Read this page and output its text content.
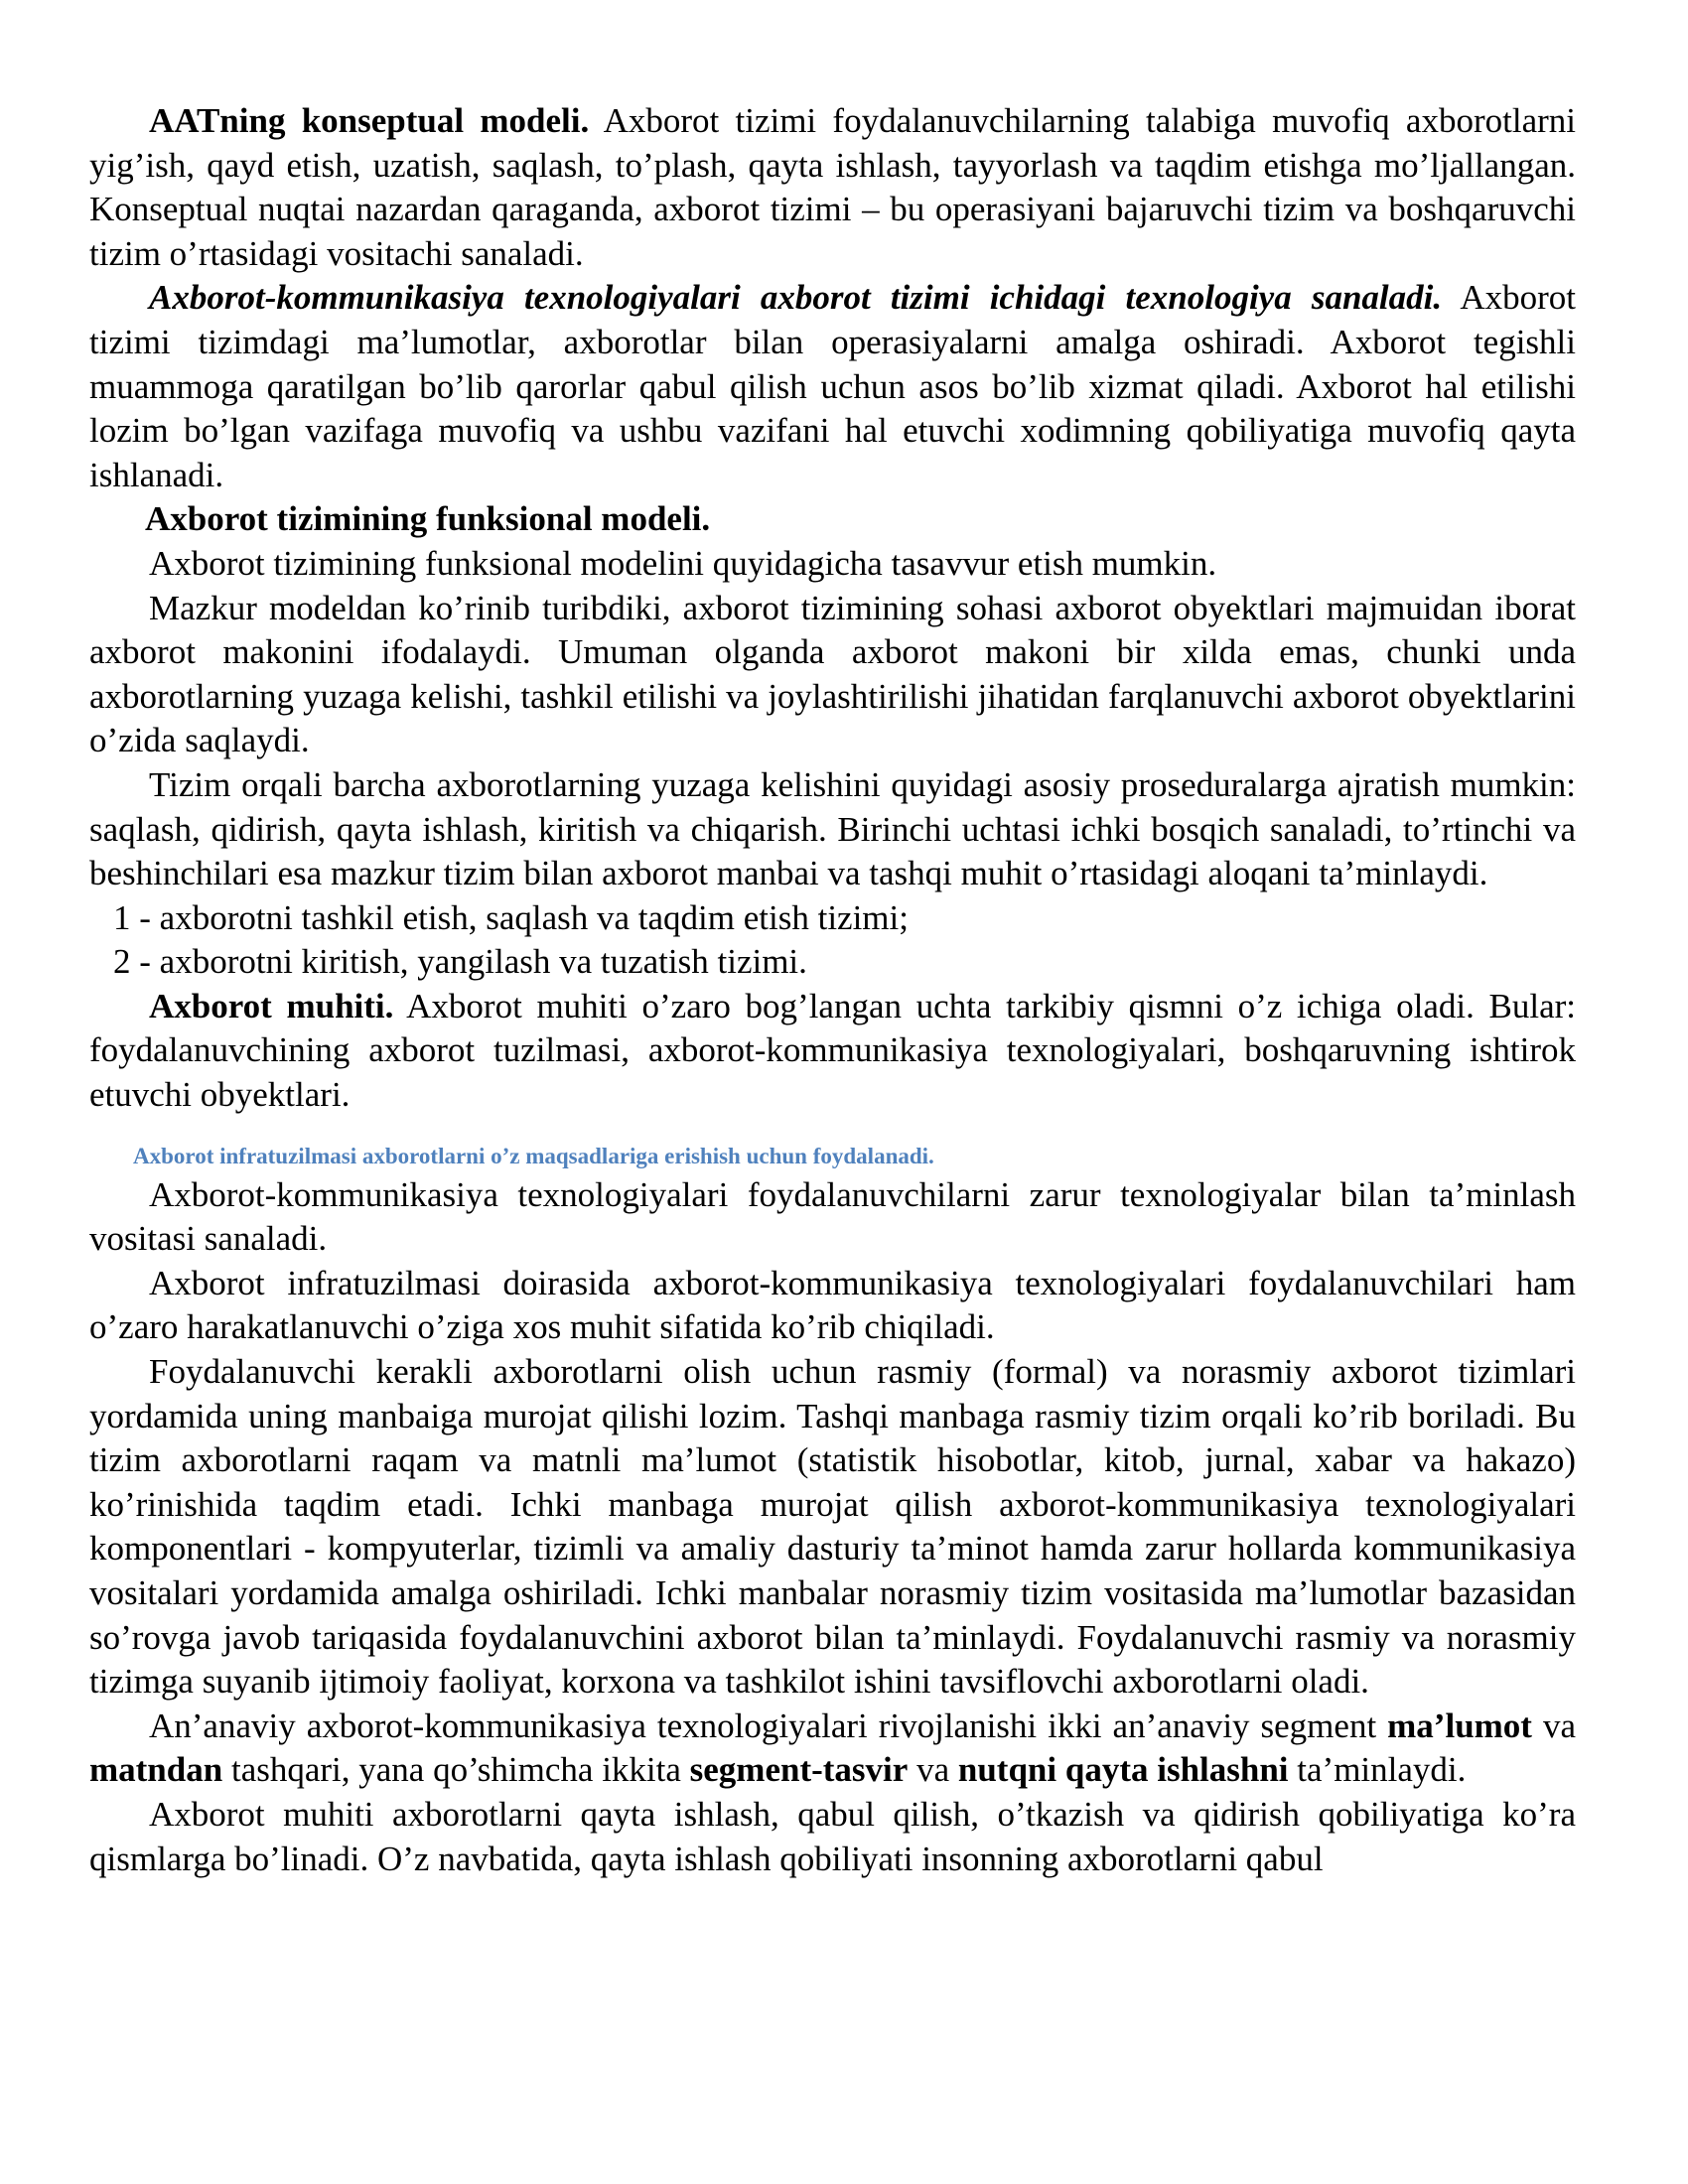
AATning konseptual modeli. Axborot tizimi foydalanuvchilarning talabiga muvofiq axborotlarni yig’ish, qayd etish, uzatish, saqlash, to’plash, qayta ishlash, tayyorlash va taqdim etishga mo’ljallangan. Konseptual nuqtai nazardan qaraganda, axborot tizimi – bu operasiyani bajaruvchi tizim va boshqaruvchi tizim o’rtasidagi vositachi sanaladi.

Axborot-kommunikasiya texnologiyalari axborot tizimi ichidagi texnologiya sanaladi. Axborot tizimi tizimdagi ma’lumotlar, axborotlar bilan operasiyalarni amalga oshiradi. Axborot tegishli muammoga qaratilgan bo’lib qarorlar qabul qilish uchun asos bo’lib xizmat qiladi. Axborot hal etilishi lozim bo’lgan vazifaga muvofiq va ushbu vazifani hal etuvchi xodimning qobiliyatiga muvofiq qayta ishlanadi.

Axborot tizimining funksional modeli.

Axborot tizimining funksional modelini quyidagicha tasavvur etish mumkin.

Mazkur modeldan ko’rinib turibdiki, axborot tizimining sohasi axborot obyektlari majmuidan iborat axborot makonini ifodalaydi. Umuman olganda axborot makoni bir xilda emas, chunki unda axborotlarning yuzaga kelishi, tashkil etilishi va joylashtirilishi jihatidan farqlanuvchi axborot obyektlarini o’zida saqlaydi.

Tizim orqali barcha axborotlarning yuzaga kelishini quyidagi asosiy proseduralarga ajratish mumkin: saqlash, qidirish, qayta ishlash, kiritish va chiqarish. Birinchi uchtasi ichki bosqich sanaladi, to’rtinchi va beshinchilari esa mazkur tizim bilan axborot manbai va tashqi muhit o’rtasidagi aloqani ta’minlaydi.

1 - axborotni tashkil etish, saqlash va taqdim etish tizimi;

2 - axborotni kiritish, yangilash va tuzatish tizimi.

Axborot muhiti. Axborot muhiti o’zaro bog’langan uchta tarkibiy qismni o’z ichiga oladi. Bular: foydalanuvchining axborot tuzilmasi, axborot-kommunikasiya texnologiyalari, boshqaruvning ishtirok etuvchi obyektlari.

Axborot infratuzilmasi axborotlarni o’z maqsadlariga erishish uchun foydalanadi.

Axborot-kommunikasiya texnologiyalari foydalanuvchilarni zarur texnologiyalar bilan ta’minlash vositasi sanaladi.

Axborot infratuzilmasi doirasida axborot-kommunikasiya texnologiyalari foydalanuvchilari ham o’zaro harakatlanuvchi o’ziga xos muhit sifatida ko’rib chiqiladi.

Foydalanuvchi kerakli axborotlarni olish uchun rasmiy (formal) va norasmiy axborot tizimlari yordamida uning manbaiga murojat qilishi lozim. Tashqi manbaga rasmiy tizim orqali ko’rib boriladi. Bu tizim axborotlarni raqam va matnli ma’lumot (statistik hisobotlar, kitob, jurnal, xabar va hakazo) ko’rinishida taqdim etadi. Ichki manbaga murojat qilish axborot-kommunikasiya texnologiyalari komponentlari - kompyuterlar, tizimli va amaliy dasturiy ta’minot hamda zarur hollarda kommunikasiya vositalari yordamida amalga oshiriladi. Ichki manbalar norasmiy tizim vositasida ma’lumotlar bazasidan so’rovga javob tariqasida foydalanuvchini axborot bilan ta’minlaydi. Foydalanuvchi rasmiy va norasmiy tizimga suyanib ijtimoiy faoliyat, korxona va tashkilot ishini tavsiflovchi axborotlarni oladi.

An’anaviy axborot-kommunikasiya texnologiyalari rivojlanishi ikki an’anaviy segment ma’lumot va matndan tashqari, yana qo’shimcha ikkita segment-tasvir va nutqni qayta ishlashni ta’minlaydi.

Axborot muhiti axborotlarni qayta ishlash, qabul qilish, o’tkazish va qidirish qobiliyatiga ko’ra qismlarga bo’linadi. O’z navbatida, qayta ishlash qobiliyati insonning axborotlarni qabul
